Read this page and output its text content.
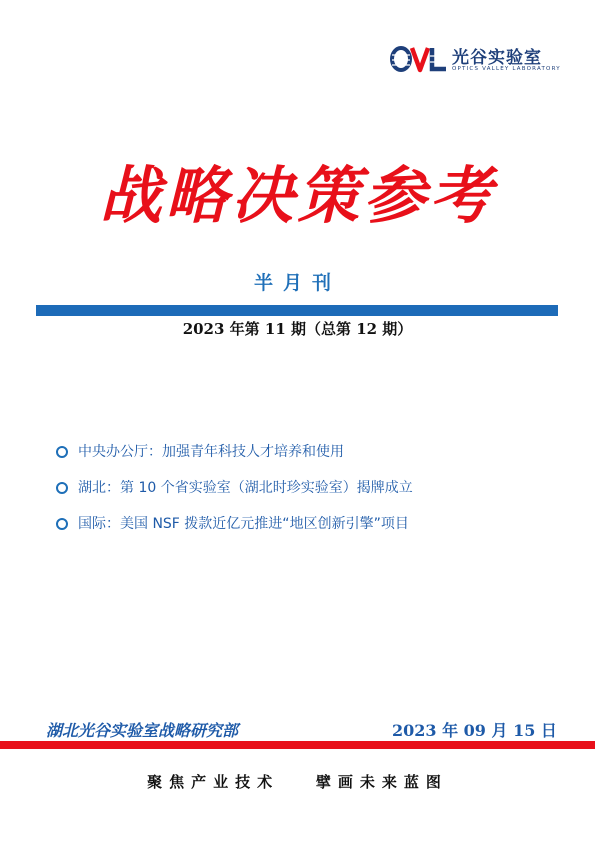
光谷实验室
OPTICS VALLEY LABORATORY
战略决策参考
半月刊
2023 年第 11 期（总第 12 期）
中央办公厅：加强青年科技人才培养和使用
湖北：第 10 个省实验室（湖北时珍实验室）揭牌成立
国际：美国 NSF 拨款近亿元推进“地区创新引擎”项目
湖北光谷实验室战略研究部	2023 年 09 月 15 日
聚焦产业技术   擘画未来蓝图
